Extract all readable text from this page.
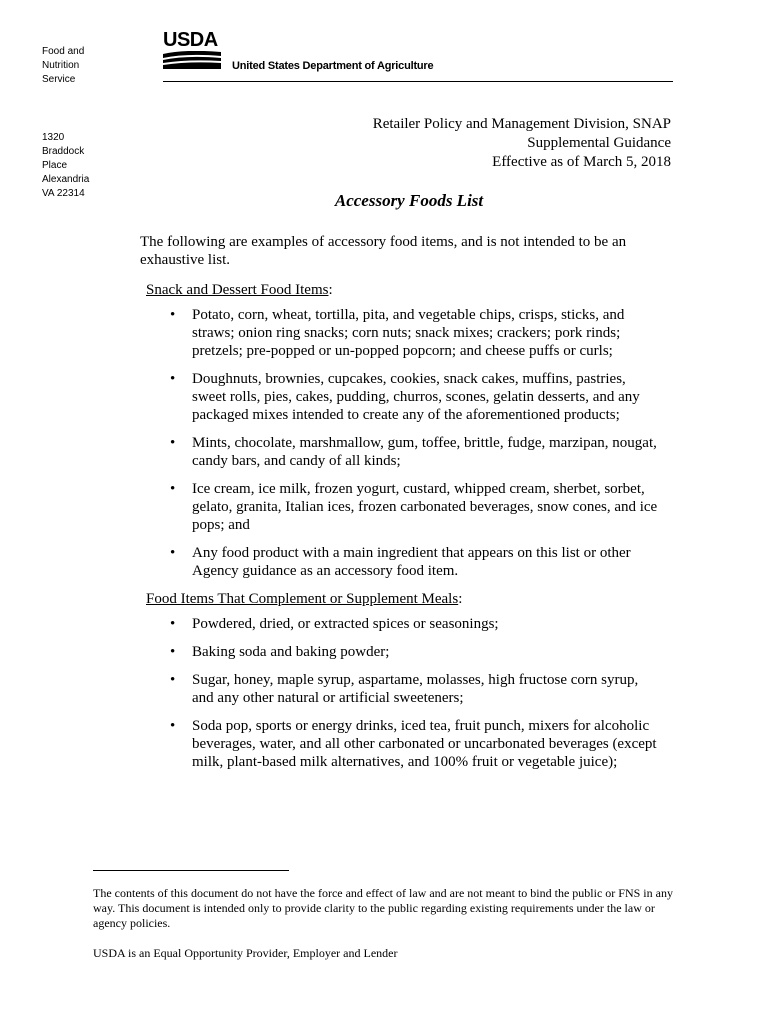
Food and
Nutrition
Service
1320
Braddock
Place
Alexandria
VA 22314
USDA
United States Department of Agriculture
Retailer Policy and Management Division, SNAP
Supplemental Guidance
Effective as of March 5, 2018
Accessory Foods List

The following are examples of accessory food items, and is not intended to be an exhaustive list.

Snack and Dessert Food Items:
• Potato, corn, wheat, tortilla, pita, and vegetable chips, crisps, sticks, and straws; onion ring snacks; corn nuts; snack mixes; crackers; pork rinds; pretzels; pre-popped or un-popped popcorn; and cheese puffs or curls;
• Doughnuts, brownies, cupcakes, cookies, snack cakes, muffins, pastries, sweet rolls, pies, cakes, pudding, churros, scones, gelatin desserts, and any packaged mixes intended to create any of the aforementioned products;
• Mints, chocolate, marshmallow, gum, toffee, brittle, fudge, marzipan, nougat, candy bars, and candy of all kinds;
• Ice cream, ice milk, frozen yogurt, custard, whipped cream, sherbet, sorbet, gelato, granita, Italian ices, frozen carbonated beverages, snow cones, and ice pops; and
• Any food product with a main ingredient that appears on this list or other Agency guidance as an accessory food item.
Food Items That Complement or Supplement Meals:
• Powdered, dried, or extracted spices or seasonings;
• Baking soda and baking powder;
• Sugar, honey, maple syrup, aspartame, molasses, high fructose corn syrup, and any other natural or artificial sweeteners;
• Soda pop, sports or energy drinks, iced tea, fruit punch, mixers for alcoholic beverages, water, and all other carbonated or uncarbonated beverages (except milk, plant-based milk alternatives, and 100% fruit or vegetable juice);
The contents of this document do not have the force and effect of law and are not meant to bind the public or FNS in any way. This document is intended only to provide clarity to the public regarding existing requirements under the law or agency policies.
USDA is an Equal Opportunity Provider, Employer and Lender
